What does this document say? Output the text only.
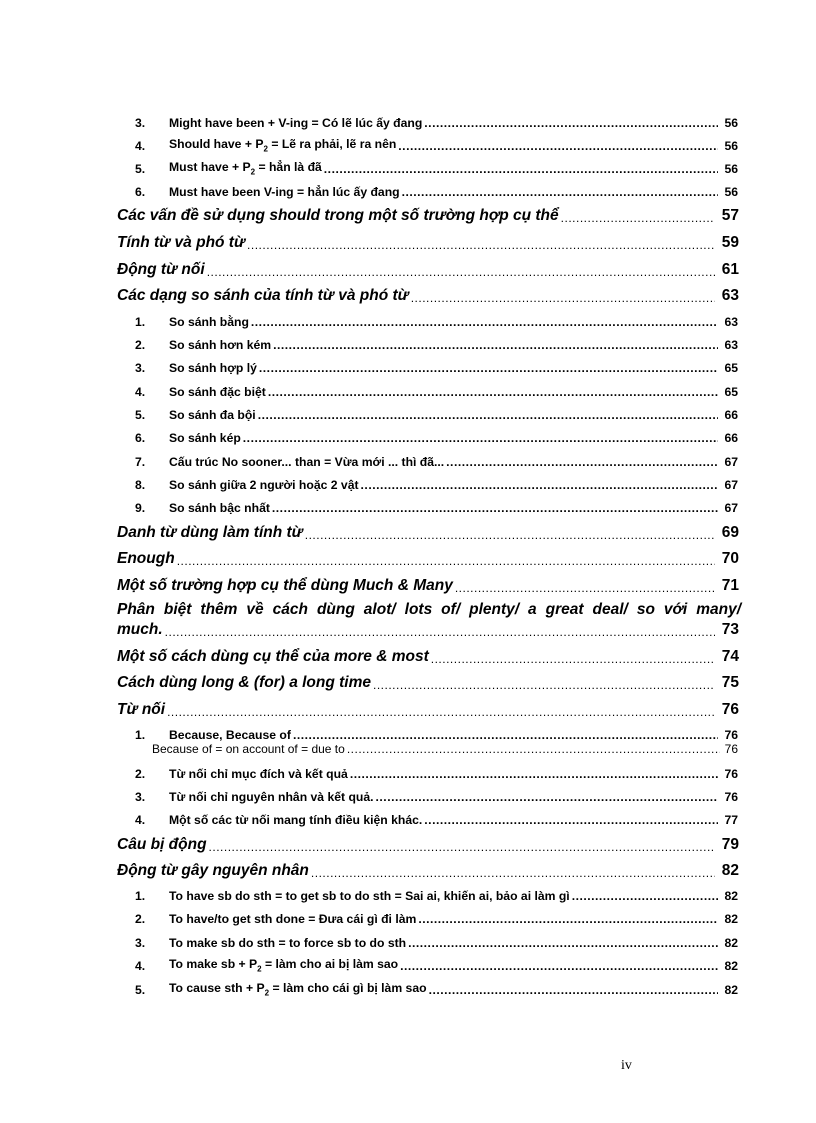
3.	Might have been + V-ing = Có lẽ lúc ấy đang .....	56
4.	Should have + $P_2$ = Lẽ ra phải, lẽ ra nên .....	56
5.	Must have + $P_2$ = hẳn là đã .....	56
6.	Must have been V-ing = hẳn lúc ấy đang .....	56
Các vấn đề sử dụng should trong một số trường hợp cụ thể .....	57
Tính từ và phó từ .....	59
Động từ nối .....	61
Các dạng so sánh của tính từ và phó từ .....	63
1.	So sánh bằng .....	63
2.	So sánh hơn kém .....	63
3.	So sánh hợp lý .....	65
4.	So sánh đặc biệt .....	65
5.	So sánh đa bội .....	66
6.	So sánh kép .....	66
7.	Cấu trúc No sooner... than = Vừa mới ... thì đã... .....	67
8.	So sánh giữa 2 người hoặc 2 vật .....	67
9.	So sánh bậc nhất .....	67
Danh từ dùng làm tính từ .....	69
Enough .....	70
Một số trường hợp cụ thể dùng Much & Many .....	71
Phân biệt thêm về cách dùng alot/ lots of/ plenty/ a great deal/ so với many/
much. .....	73
Một số cách dùng cụ thể của more & most .....	74
Cách dùng long & (for) a long time .....	75
Từ nối .....	76
1.	Because, Because of .....	76
Because of = on account of = due to .....	76
2.	Từ nối chỉ mục đích và kết quả .....	76
3.	Từ nối chỉ nguyên nhân và kết quả. .....	76
4.	Một số các từ nối mang tính điều kiện khác. .....	77
Câu bị động .....	79
Động từ gây nguyên nhân .....	82
1.	To have sb do sth = to get sb to do sth = Sai ai, khiến ai, bảo ai làm gì .....	82
2.	To have/to get sth done = Đưa cái gì đi làm .....	82
3.	To make sb do sth = to force sb to do sth .....	82
4.	To make sb + $P_2$ = làm cho ai bị làm sao .....	82
5.	To cause sth + $P_2$ = làm cho cái gì bị làm sao .....	82
iv
